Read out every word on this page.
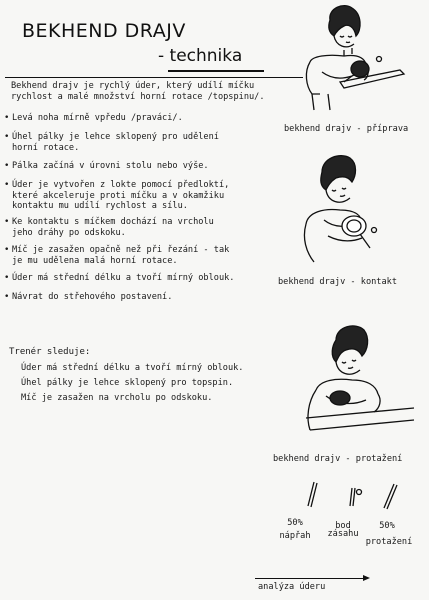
BEKHEND DRAJV
- technika
Bekhend drajv je rychlý úder, který udílí míčku
rychlost a malé množství horní rotace /topspinu/.
• Levá noha mírně vpředu /praváci/.
• Úhel pálky je lehce sklopený pro udělení
horní rotace.
• Pálka začíná v úrovni stolu nebo výše.
• Úder je vytvořen z lokte pomocí předloktí,
které akceleruje proti míčku a v okamžiku
kontaktu mu udílí rychlost a sílu.
• Ke kontaktu s míčkem dochází na vrcholu
jeho dráhy po odskoku.
• Míč je zasažen opačně než při řezání - tak
je mu udělena malá horní rotace.
• Úder má střední délku a tvoří mírný oblouk.
• Návrat do střehového postavení.
Trenér sleduje:
Úder má střední délku a tvoří mírný oblouk.
Úhel pálky je lehce sklopený pro topspin.
Míč je zasažen na vrcholu po odskoku.
bekhend drajv - příprava
bekhend drajv - kontakt
bekhend drajv - protažení
50%
nápřah
bod
zásahu
50%
protažení
analýza úderu
